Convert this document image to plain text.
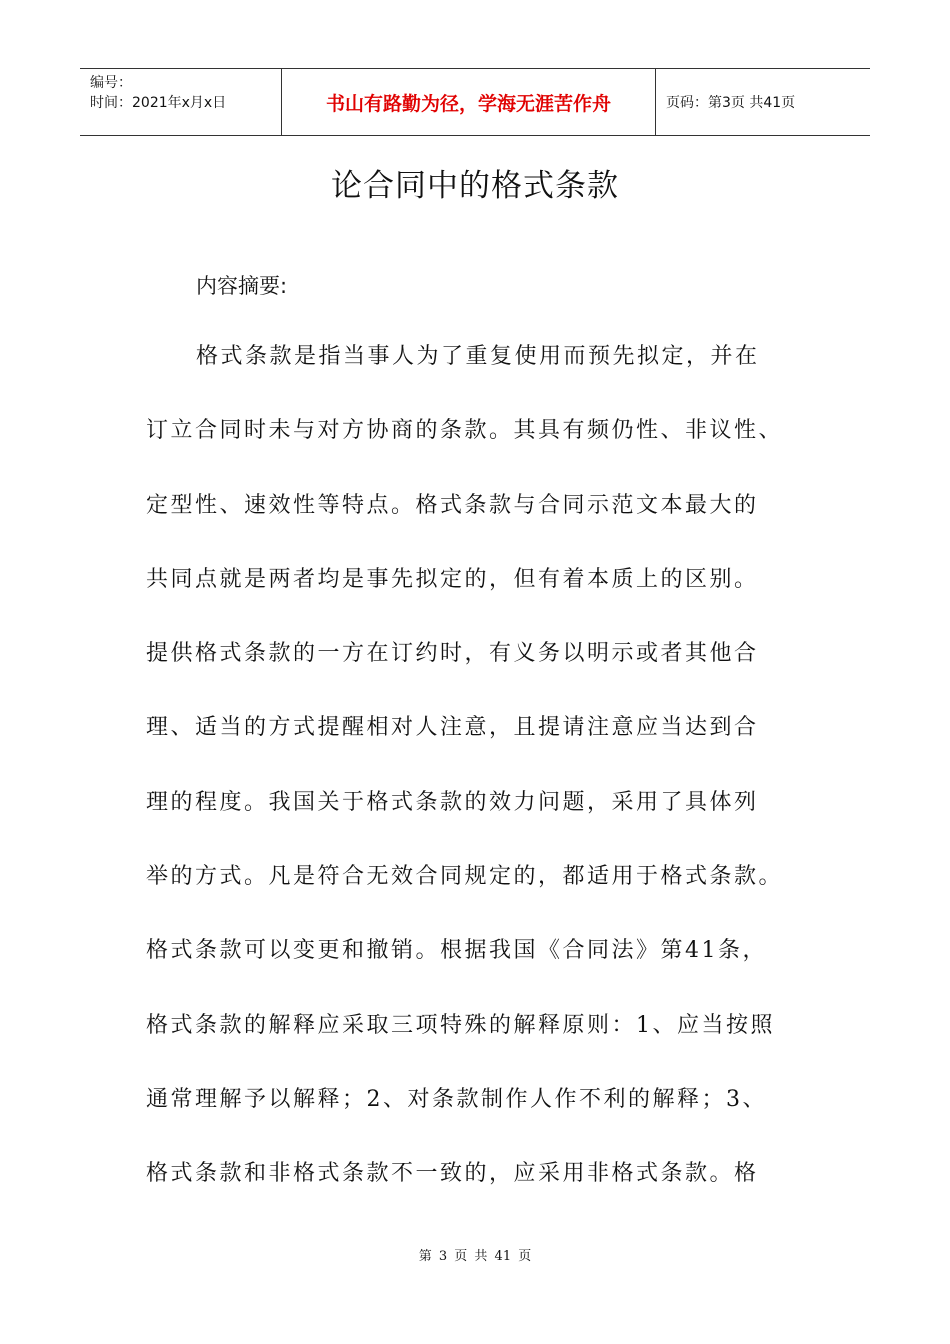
编号：
时间：2021年x月x日	书山有路勤为径，学海无涯苦作舟	页码：第3页 共41页
论合同中的格式条款
内容摘要:
格式条款是指当事人为了重复使用而预先拟定，并在
订立合同时未与对方协商的条款。其具有频仍性、非议性、
定型性、速效性等特点。格式条款与合同示范文本最大的
共同点就是两者均是事先拟定的，但有着本质上的区别。
提供格式条款的一方在订约时，有义务以明示或者其他合
理、适当的方式提醒相对人注意，且提请注意应当达到合
理的程度。我国关于格式条款的效力问题，采用了具体列
举的方式。凡是符合无效合同规定的，都适用于格式条款。
格式条款可以变更和撤销。根据我国《合同法》第41条，
格式条款的解释应采取三项特殊的解释原则：1、应当按照
通常理解予以解释；2、对条款制作人作不利的解释；3、
格式条款和非格式条款不一致的，应采用非格式条款。格
第 3 页 共 41 页
